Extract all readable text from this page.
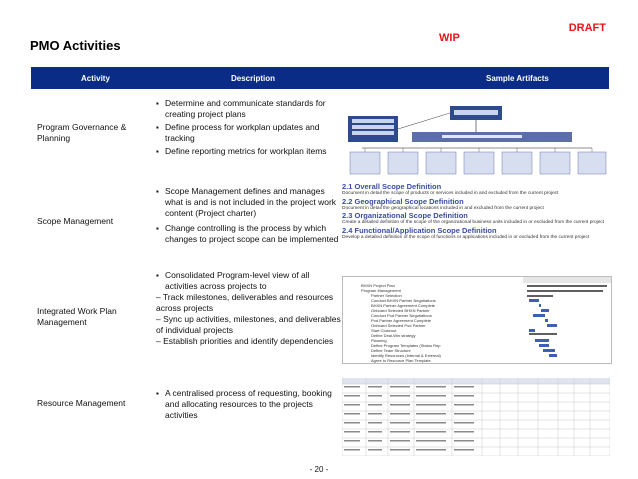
DRAFT
WIP
PMO Activities
Activity	Description	Sample Artifacts
Program Governance & Planning
▪ Determine and communicate standards for creating project plans
▪ Define process for workplan updates and tracking
▪ Define reporting metrics for workplan items
Scope Management
▪ Scope Management defines and manages what is and is not included in the project work content (Project charter)
▪ Change controlling is the process by which changes to project scope can be implemented
2.1 Overall Scope Definition
Document in detail the scope of products or services included in and excluded from the current project
2.2 Geographical Scope Definition
Document in detail the geographical locations included in and excluded from the current project
2.3 Organizational Scope Definition
Create a detailed definition of the scope of the organizational business units included in or excluded from the current project
2.4 Functional/Application Scope Definition
Develop a detailed definition of the scope of functions or applications included in or excluded from the current project
Integrated Work Plan Management
▪ Consolidated Program-level view of all activities across projects to
– Track milestones, deliverables and resources across projects
– Sync up activities, milestones, and deliverables of individual projects
– Establish priorities and identify dependencies
BHXN Project Plan
Program Management
Partner Selection
Conduct BHXN Partner Negotiations
BHXN Partner Agreement Complete
Onboard Selected BHXN Partner
Conduct Pod Partner Negotiations
Pod Partner Agreement Complete
Onboard Selected Pod Partner
Start Closeout
Define Deal-Win strategy
Planning
Define Program Templates (Status Rep
Define Team Structure
Identify Resources (Internal & External)
Agree to Resource Plan Template
Resource Management
▪ A centralised process of requesting, booking and allocating resources to the projects activities
- 20 -
